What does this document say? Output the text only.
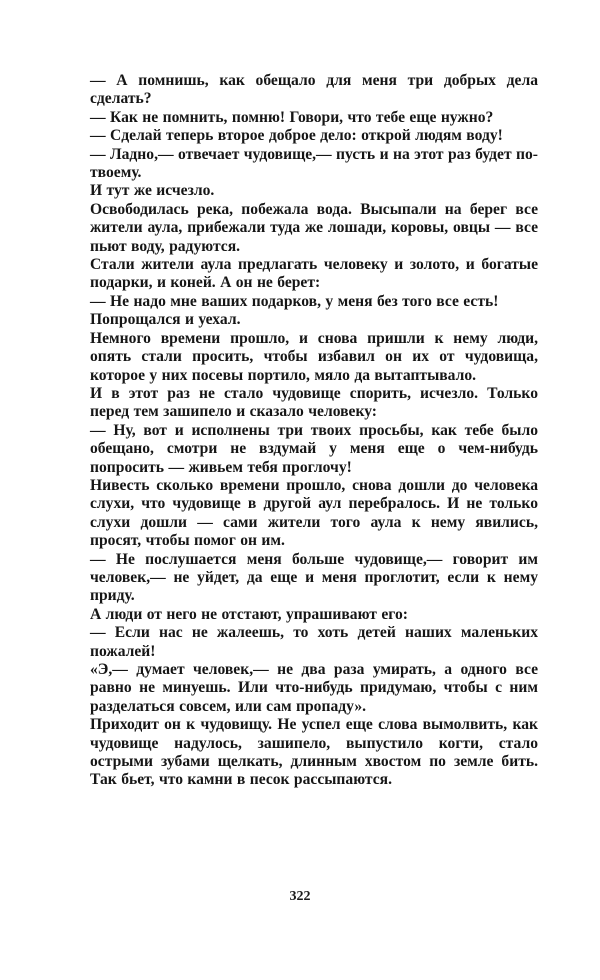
— А помнишь, как обещало для меня три добрых дела сделать?

— Как не помнить, помню! Говори, что тебе еще нужно?

— Сделай теперь второе доброе дело: открой людям воду!

— Ладно,— отвечает чудовище,— пусть и на этот раз будет по-твоему.

И тут же исчезло.

Освободилась река, побежала вода. Высыпали на берег все жители аула, прибежали туда же лошади, коровы, овцы — все пьют воду, радуются.

Стали жители аула предлагать человеку и золото, и богатые подарки, и коней. А он не берет:

— Не надо мне ваших подарков, у меня без того все есть!

Попрощался и уехал.

Немного времени прошло, и снова пришли к нему люди, опять стали просить, чтобы избавил он их от чудовища, которое у них посевы портило, мяло да вытаптывало.

И в этот раз не стало чудовище спорить, исчезло. Только перед тем зашипело и сказало человеку:

— Ну, вот и исполнены три твоих просьбы, как тебе было обещано, смотри не вздумай у меня еще о чем-нибудь попросить — живьем тебя проглочу!

Нивесть сколько времени прошло, снова дошли до человека слухи, что чудовище в другой аул перебралось. И не только слухи дошли — сами жители того аула к нему явились, просят, чтобы помог он им.

— Не послушается меня больше чудовище,— говорит им человек,— не уйдет, да еще и меня проглотит, если к нему приду.

А люди от него не отстают, упрашивают его:

— Если нас не жалеешь, то хоть детей наших маленьких пожалей!

«Э,— думает человек,— не два раза умирать, а одного все равно не минуешь. Или что-нибудь придумаю, чтобы с ним разделаться совсем, или сам пропаду».

Приходит он к чудовищу. Не успел еще слова вымолвить, как чудовище надулось, зашипело, выпустило когти, стало острыми зубами щелкать, длинным хвостом по земле бить. Так бьет, что камни в песок рассыпаются.

322
